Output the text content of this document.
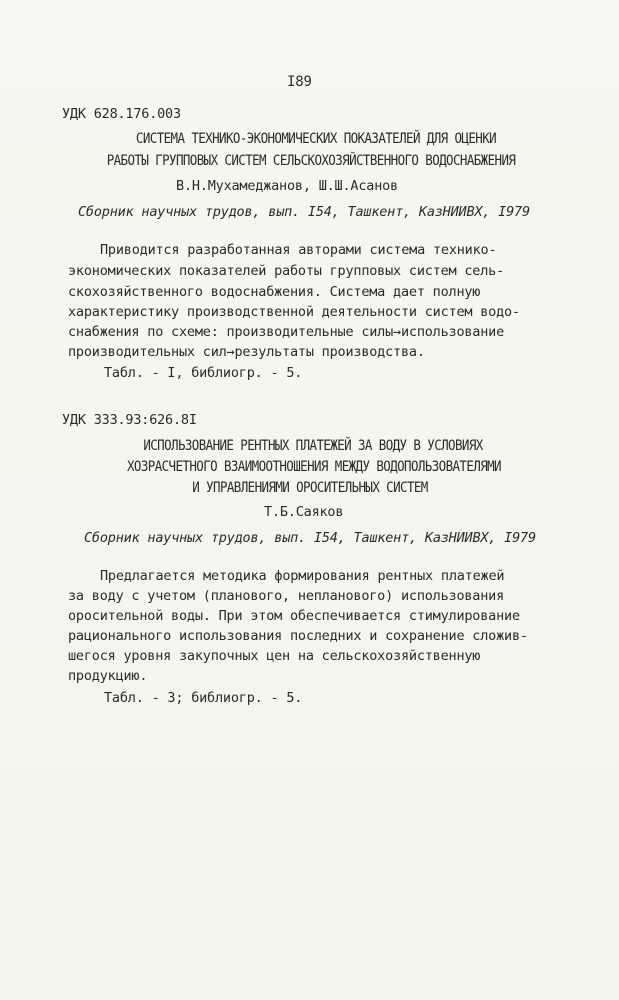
I89
УДК 628.176.003
СИСТЕМА ТЕХНИКО-ЭКОНОМИЧЕСКИХ ПОКАЗАТЕЛЕЙ ДЛЯ ОЦЕНКИ
РАБОТЫ ГРУППОВЫХ СИСТЕМ СЕЛЬСКОХОЗЯЙСТВЕННОГО ВОДОСНАБЖЕНИЯ
В.Н.Мухамеджанов, Ш.Ш.Асанов
Сборник научных трудов, вып. I54, Ташкент, КазНИИВХ, I979
Приводится разработанная авторами система технико-
экономических показателей работы групповых систем сель-
скохозяйственного водоснабжения. Система дает полную
характеристику производственной деятельности систем водо-
снабжения по схеме: производительные силы→использование
производительных сил→результаты производства.
Табл. - I, библиогр. - 5.
УДК 333.93:626.8I
ИСПОЛЬЗОВАНИЕ РЕНТНЫХ ПЛАТЕЖЕЙ ЗА ВОДУ В УСЛОВИЯХ
ХОЗРАСЧЕТНОГО ВЗАИМООТНОШЕНИЯ МЕЖДУ ВОДОПОЛЬЗОВАТЕЛЯМИ
И УПРАВЛЕНИЯМИ ОРОСИТЕЛЬНЫХ СИСТЕМ
Т.Б.Саяков
Сборник научных трудов, вып. I54, Ташкент, КазНИИВХ, I979
Предлагается методика формирования рентных платежей
за воду с учетом (планового, непланового) использования
оросительной воды. При этом обеспечивается стимулирование
рационального использования последних и сохранение сложив-
шегося уровня закупочных цен на сельскохозяйственную
продукцию.
Табл. - 3; библиогр. - 5.
